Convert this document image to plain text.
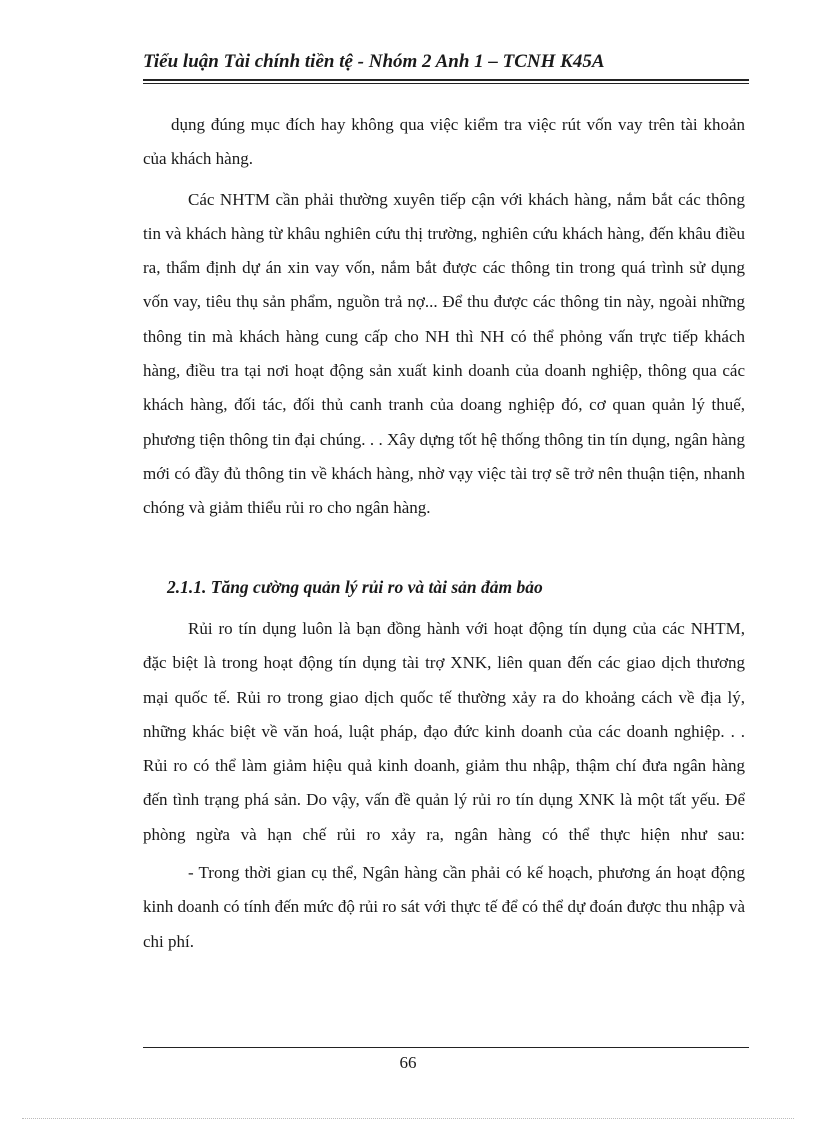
Tiểu luận Tài chính tiền tệ - Nhóm 2 Anh 1 – TCNH K45A

dụng đúng mục đích hay không qua việc kiểm tra việc rút vốn vay trên tài khoản của khách hàng.

Các NHTM cần phải thường xuyên tiếp cận với khách hàng, nắm bắt các thông tin và khách hàng từ khâu nghiên cứu thị trường, nghiên cứu khách hàng, đến khâu điều ra, thẩm định dự án xin vay vốn, nắm bắt được các thông tin trong quá trình sử dụng vốn vay, tiêu thụ sản phẩm, nguồn trả nợ... Để thu được các thông tin này, ngoài những thông tin mà khách hàng cung cấp cho NH thì NH có thể phỏng vấn trực tiếp khách hàng, điều tra tại nơi hoạt động sản xuất kinh doanh của doanh nghiệp, thông qua các khách hàng, đối tác, đối thủ canh tranh của doang nghiệp đó, cơ quan quản lý thuế, phương tiện thông tin đại chúng. . . Xây dựng tốt hệ thống thông tin tín dụng, ngân hàng mới có đầy đủ thông tin về khách hàng, nhờ vạy việc tài trợ sẽ trở nên thuận tiện, nhanh chóng và giảm thiểu rủi ro cho ngân hàng.

2.1.1. Tăng cường quản lý rủi ro và tài sản đảm bảo

Rủi ro tín dụng luôn là bạn đồng hành với hoạt động tín dụng của các NHTM, đặc biệt là trong hoạt động tín dụng tài trợ XNK, liên quan đến các giao dịch thương mại quốc tế. Rủi ro trong giao dịch quốc tế thường xảy ra do khoảng cách về địa lý, những khác biệt về văn hoá, luật pháp, đạo đức kinh doanh của các doanh nghiệp. . . Rủi ro có thể làm giảm hiệu quả kinh doanh, giảm thu nhập, thậm chí đưa ngân hàng đến tình trạng phá sản. Do vậy, vấn đề quản lý rủi ro tín dụng XNK là một tất yếu. Để phòng ngừa và hạn chế rủi ro xảy ra, ngân hàng có thể thực hiện như sau:

- Trong thời gian cụ thể, Ngân hàng cần phải có kế hoạch, phương án hoạt động kinh doanh có tính đến mức độ rủi ro sát với thực tế để có thể dự đoán được thu nhập và chi phí.

66
